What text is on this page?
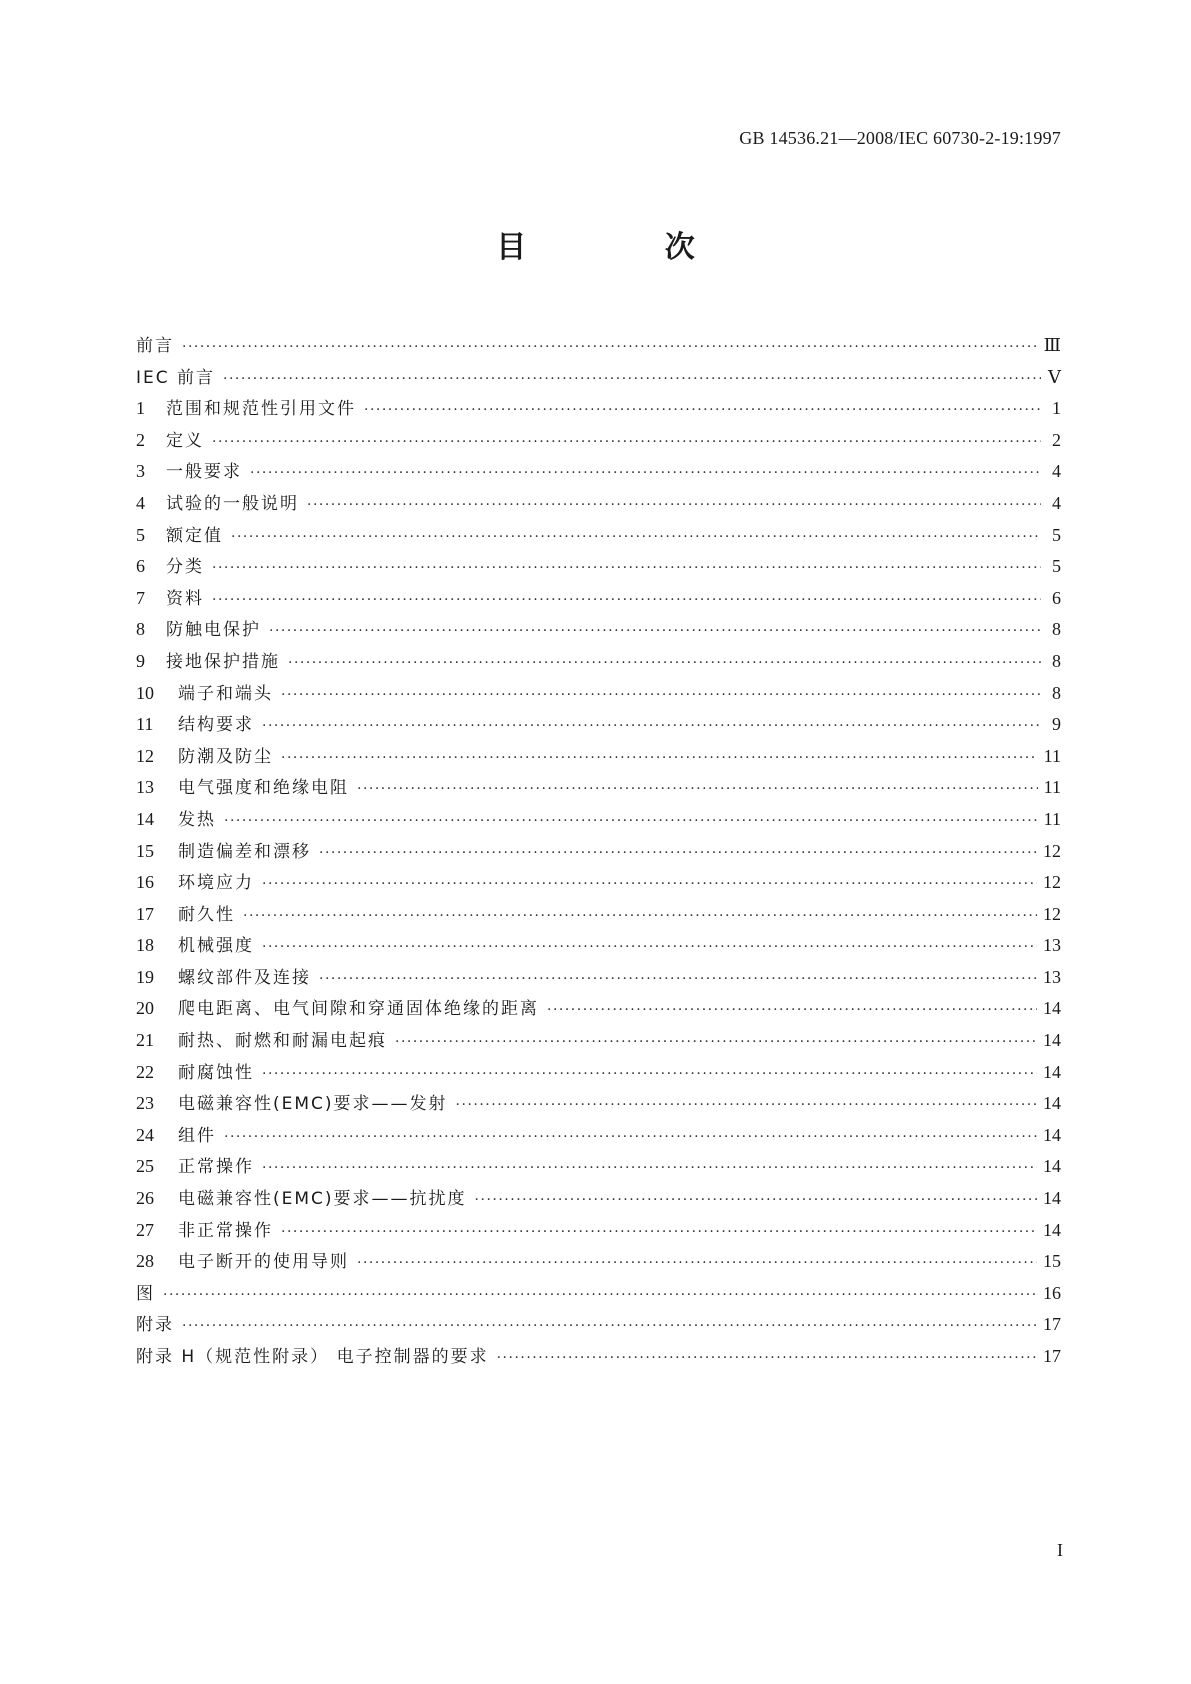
GB 14536.21—2008/IEC 60730-2-19:1997
目 次
前言 ·····	Ⅲ
IEC 前言 ·····	Ⅴ
1	范围和规范性引用文件 ·····	1
2	定义 ·····	2
3	一般要求 ·····	4
4	试验的一般说明 ·····	4
5	额定值 ·····	5
6	分类 ·····	5
7	资料 ·····	6
8	防触电保护 ·····	8
9	接地保护措施 ·····	8
10	端子和端头 ·····	8
11	结构要求 ·····	9
12	防潮及防尘 ·····	11
13	电气强度和绝缘电阻 ·····	11
14	发热 ·····	11
15	制造偏差和漂移 ·····	12
16	环境应力 ·····	12
17	耐久性 ·····	12
18	机械强度 ·····	13
19	螺纹部件及连接 ·····	13
20	爬电距离、电气间隙和穿通固体绝缘的距离 ·····	14
21	耐热、耐燃和耐漏电起痕 ·····	14
22	耐腐蚀性 ·····	14
23	电磁兼容性(EMC)要求——发射 ·····	14
24	组件 ·····	14
25	正常操作 ·····	14
26	电磁兼容性(EMC)要求——抗扰度 ·····	14
27	非正常操作 ·····	14
28	电子断开的使用导则 ·····	15
图 ·····	16
附录 ·····	17
附录 H（规范性附录） 电子控制器的要求 ·····	17
I
